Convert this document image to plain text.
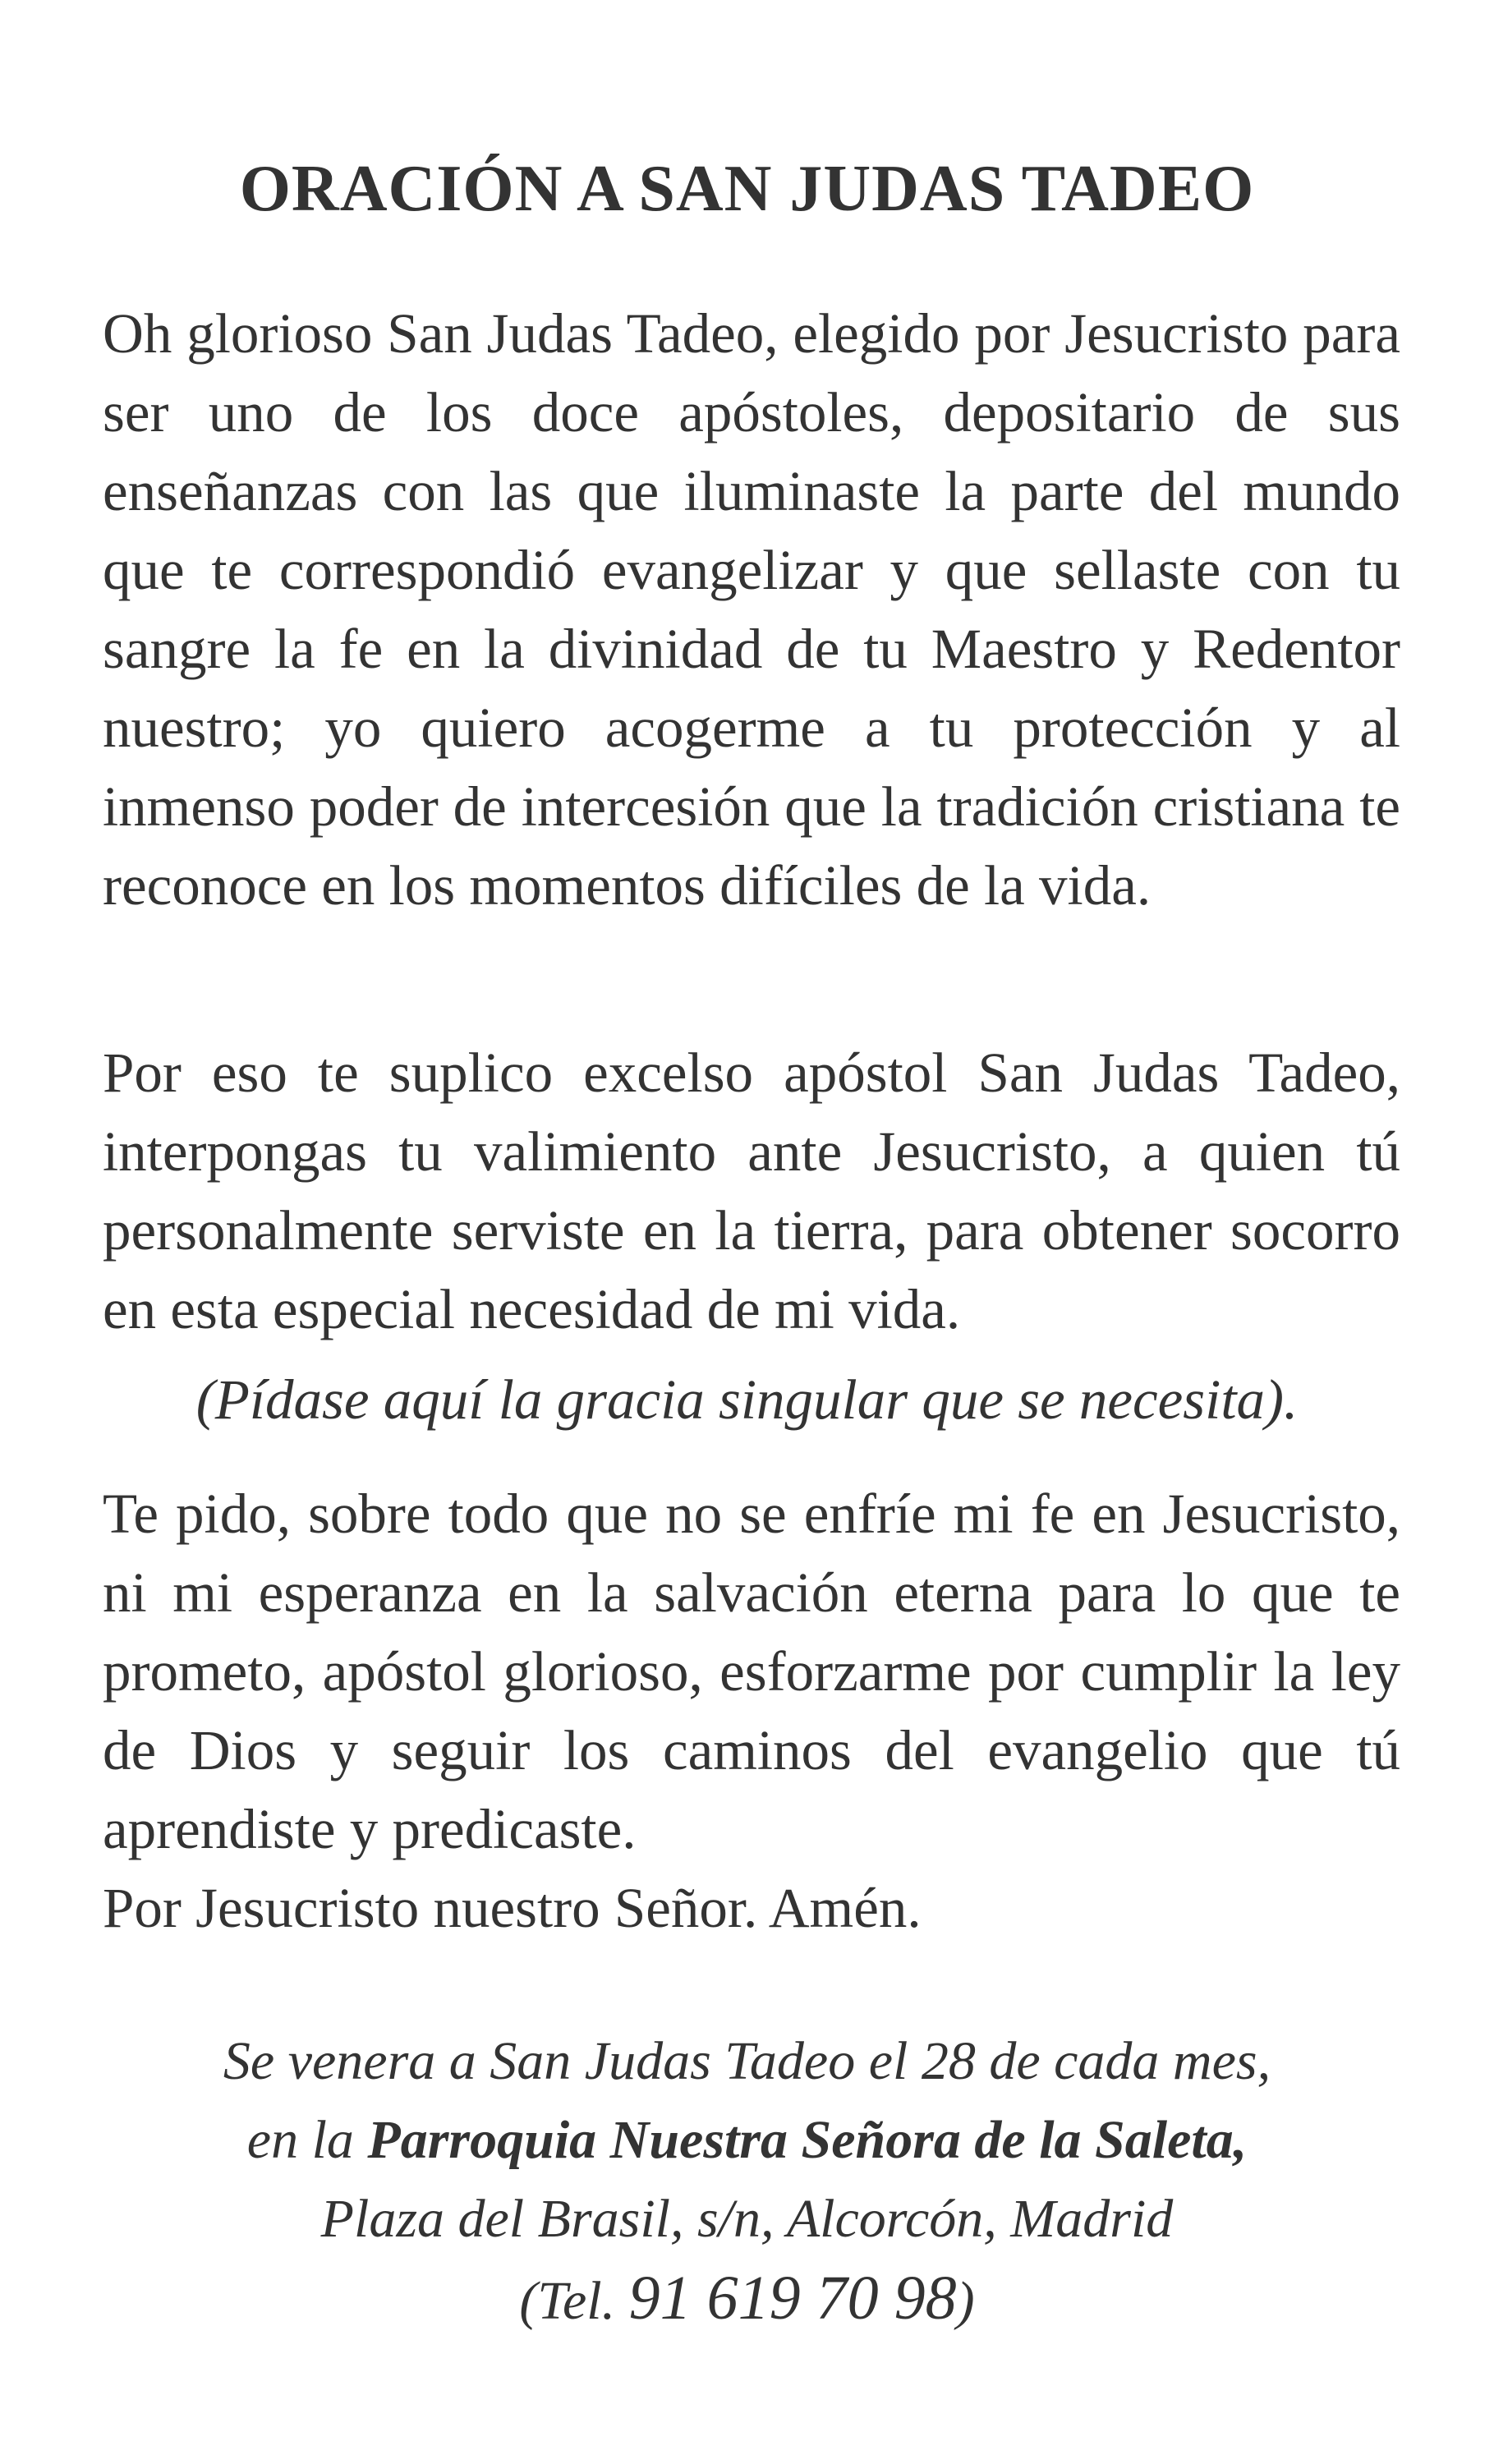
ORACIÓN A SAN JUDAS TADEO

Oh glorioso San Judas Tadeo, elegido por Jesucristo para ser uno de los doce apóstoles, depositario de sus enseñanzas con las que iluminaste la parte del mundo que te correspondió evangelizar y que sellaste con tu sangre la fe en la divinidad de tu Maestro y Redentor nuestro; yo quiero acogerme a tu protección y al inmenso poder de intercesión que la tradición cristiana te reconoce en los momentos difíciles de la vida.

Por eso te suplico excelso apóstol San Judas Tadeo, interpongas tu valimiento ante Jesucristo, a quien tú personalmente serviste en la tierra, para obtener socorro en esta especial necesidad de mi vida.

(Pídase aquí la gracia singular que se necesita).

Te pido, sobre todo que no se enfríe mi fe en Jesucristo, ni mi esperanza en la salvación eterna para lo que te prometo, apóstol glorioso, esforzarme por cumplir la ley de Dios y seguir los caminos del evangelio que tú aprendiste y predicaste.

Por Jesucristo nuestro Señor. Amén.

Se venera a San Judas Tadeo el 28 de cada mes,
en la Parroquia Nuestra Señora de la Saleta,
Plaza del Brasil, s/n, Alcorcón, Madrid
(Tel. 91 619 70 98)
